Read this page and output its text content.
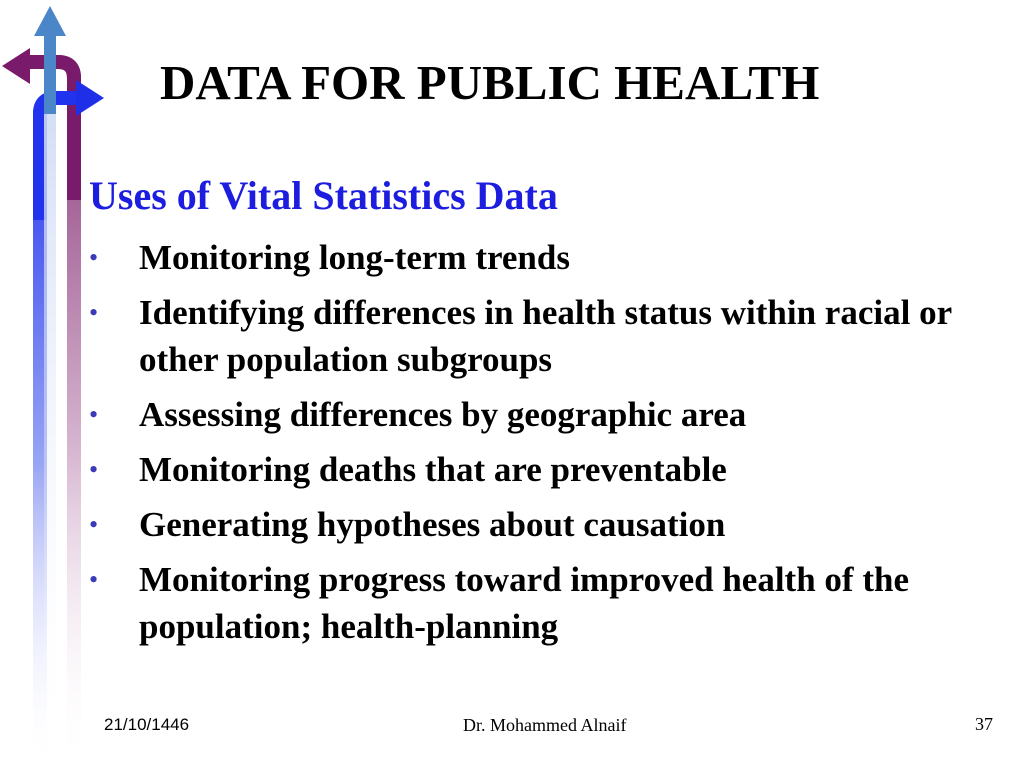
DATA FOR PUBLIC HEALTH
Uses of Vital Statistics Data
• Monitoring long-term trends
• Identifying differences in health status within racial or other population subgroups
• Assessing differences by geographic area
• Monitoring deaths that are preventable
• Generating hypotheses about causation
• Monitoring progress toward improved health of the population; health-planning
21/10/1446	Dr. Mohammed Alnaif	37
